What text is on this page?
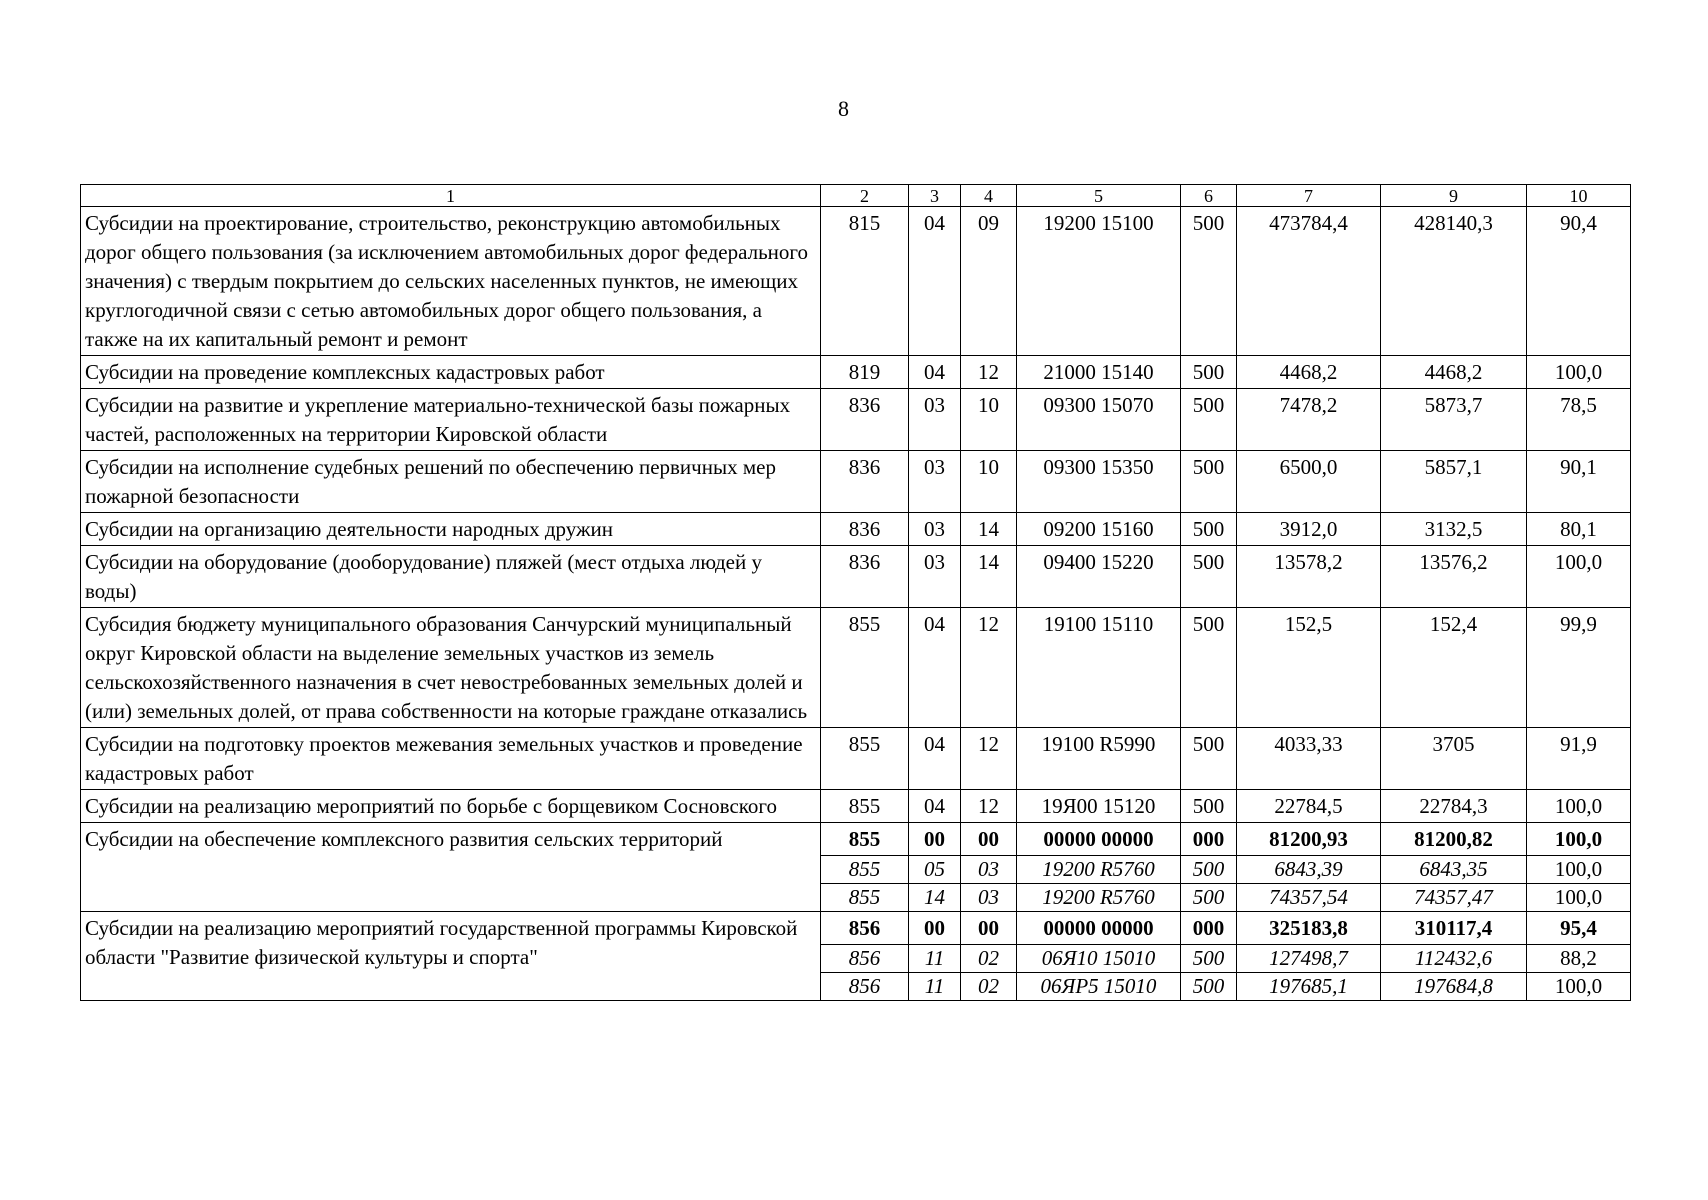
8
1	2	3	4	5	6	7	9	10
Субсидии на проектирование, строительство, реконструкцию автомобильных дорог общего пользования (за исключением автомобильных дорог федерального значения) с твердым покрытием до сельских населенных пунктов, не имеющих круглогодичной связи с сетью автомобильных дорог общего пользования, а также на их капитальный ремонт и ремонт	815	04	09	19200 15100	500	473784,4	428140,3	90,4
Субсидии на проведение комплексных кадастровых работ	819	04	12	21000 15140	500	4468,2	4468,2	100,0
Субсидии на развитие и укрепление материально-технической базы пожарных частей, расположенных на территории Кировской области	836	03	10	09300 15070	500	7478,2	5873,7	78,5
Субсидии на исполнение судебных решений по обеспечению первичных мер пожарной безопасности	836	03	10	09300 15350	500	6500,0	5857,1	90,1
Субсидии на организацию деятельности народных дружин	836	03	14	09200 15160	500	3912,0	3132,5	80,1
Субсидии на оборудование (дооборудование) пляжей (мест отдыха людей у воды)	836	03	14	09400 15220	500	13578,2	13576,2	100,0
Субсидия бюджету муниципального образования Санчурский муниципальный округ Кировской области на выделение земельных участков из земель сельскохозяйственного назначения в счет невостребованных земельных долей и (или) земельных долей, от права собственности на которые граждане отказались	855	04	12	19100 15110	500	152,5	152,4	99,9
Субсидии на подготовку проектов межевания земельных участков и проведение кадастровых работ	855	04	12	19100 R5990	500	4033,33	3705	91,9
Субсидии на реализацию мероприятий по борьбе с борщевиком Сосновского	855	04	12	19Я00 15120	500	22784,5	22784,3	100,0
Субсидии на обеспечение комплексного развития сельских территорий	855	00	00	00000 00000	000	81200,93	81200,82	100,0
	855	05	03	19200 R5760	500	6843,39	6843,35	100,0
	855	14	03	19200 R5760	500	74357,54	74357,47	100,0
Субсидии на реализацию мероприятий государственной программы Кировской области "Развитие физической культуры и спорта"	856	00	00	00000 00000	000	325183,8	310117,4	95,4
	856	11	02	06Я10 15010	500	127498,7	112432,6	88,2
	856	11	02	06ЯР5 15010	500	197685,1	197684,8	100,0
